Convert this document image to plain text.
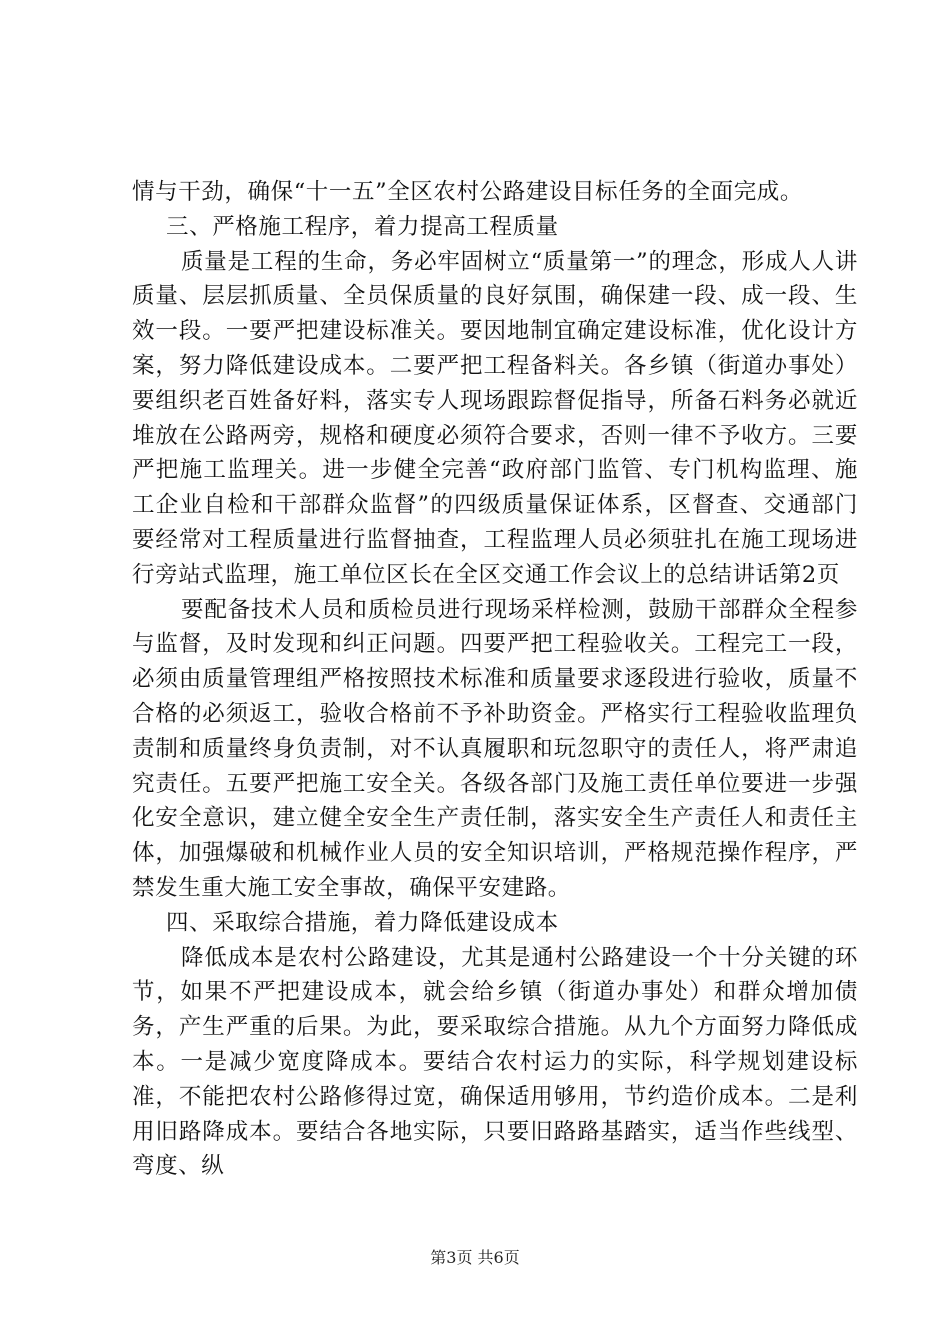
情与干劲，确保“十一五”全区农村公路建设目标任务的全面完成。

三、严格施工程序，着力提高工程质量

质量是工程的生命，务必牢固树立“质量第一”的理念，形成人人讲质量、层层抓质量、全员保质量的良好氛围，确保建一段、成一段、生效一段。一要严把建设标准关。要因地制宜确定建设标准，优化设计方案，努力降低建设成本。二要严把工程备料关。各乡镇（街道办事处）要组织老百姓备好料，落实专人现场跟踪督促指导，所备石料务必就近堆放在公路两旁，规格和硬度必须符合要求，否则一律不予收方。三要严把施工监理关。进一步健全完善“政府部门监管、专门机构监理、施工企业自检和干部群众监督”的四级质量保证体系，区督查、交通部门要经常对工程质量进行监督抽查，工程监理人员必须驻扎在施工现场进行旁站式监理，施工单位区长在全区交通工作会议上的总结讲话第2页

要配备技术人员和质检员进行现场采样检测，鼓励干部群众全程参与监督，及时发现和纠正问题。四要严把工程验收关。工程完工一段，必须由质量管理组严格按照技术标准和质量要求逐段进行验收，质量不合格的必须返工，验收合格前不予补助资金。严格实行工程验收监理负责制和质量终身负责制，对不认真履职和玩忽职守的责任人，将严肃追究责任。五要严把施工安全关。各级各部门及施工责任单位要进一步强化安全意识，建立健全安全生产责任制，落实安全生产责任人和责任主体，加强爆破和机械作业人员的安全知识培训，严格规范操作程序，严禁发生重大施工安全事故，确保平安建路。

四、采取综合措施，着力降低建设成本

降低成本是农村公路建设，尤其是通村公路建设一个十分关键的环节，如果不严把建设成本，就会给乡镇（街道办事处）和群众增加债务，产生严重的后果。为此，要采取综合措施。从九个方面努力降低成本。一是减少宽度降成本。要结合农村运力的实际，科学规划建设标准，不能把农村公路修得过宽，确保适用够用，节约造价成本。二是利用旧路降成本。要结合各地实际，只要旧路路基踏实，适当作些线型、弯度、纵

第3页 共6页
